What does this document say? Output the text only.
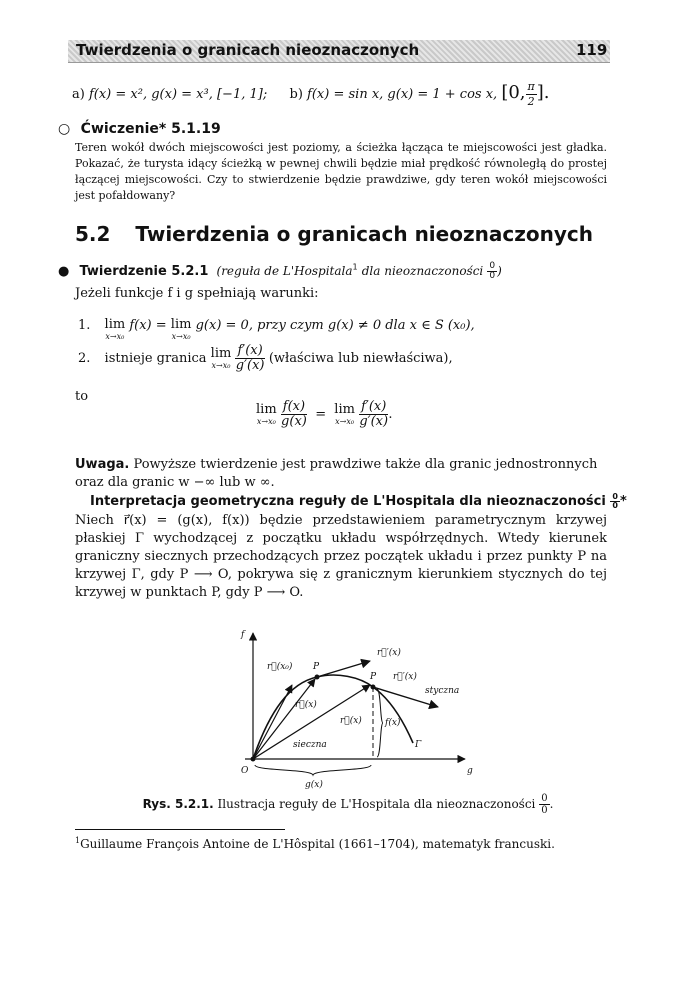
Twierdzenia o granicach nieoznaczonych	119
a) f(x) = x², g(x) = x³, [−1, 1]; b) f(x) = sin x, g(x) = 1 + cos x, [0, $\frac{\pi}{2}$ ].
○ Ćwiczenie* 5.1.19
Teren wokół dwóch miejscowości jest poziomy, a ścieżka łącząca te miejscowości jest gładka. Pokazać, że turysta idący ścieżką w pewnej chwili będzie miał prędkość równoległą do prostej łączącej miejscowości. Czy to stwierdzenie będzie prawdziwe, gdy teren wokół miejscowości jest pofałdowany?
5.2 Twierdzenia o granicach nieoznaczonych
● Twierdzenie 5.2.1 (reguła de L'Hospitala$^1$ dla nieoznaczoności $\frac{0}{0}$ )
Jeżeli funkcje f i g spełniają warunki:
1. lim
x→x₀
f(x) = lim
x→x₀
g(x) = 0, przy czym g(x) ≠ 0 dla x ∈ S (x₀),
2. istnieje granica lim
x→x₀
$\frac{f'(x)}{g'(x)}$ (właściwa lub niewłaściwa),
to
lim
x→x₀
$\frac{f(x)}{g(x)} = \lim$
x→x₀
$\frac{f'(x)}{g'(x)}$ .
Uwaga. Powyższe twierdzenie jest prawdziwe także dla granic jednostronnych oraz dla granic w −∞ lub w ∞.
Interpretacja geometryczna reguły de L'Hospitala dla nieoznaczoności $\frac{0}{0}$ *
Niech r⃗(x) = (g(x), f(x)) będzie przedstawieniem parametrycznym krzywej płaskiej Γ wychodzącej z początku układu współrzędnych. Wtedy kierunek graniczny siecznych przechodzących przez początek układu i przez punkty P na krzywej Γ, gdy P ⟶ O, pokrywa się z granicznym kierunkiem stycznych do tej krzywej w punktach P, gdy P ⟶ O.
f
g
O
r⃗(x₀) P
P
r⃗′(x)
r⃗′(x)
styczna
r⃗(x)
r⃗(x)	f(x)
sieczna	Γ
g(x)
Rys. 5.2.1. Ilustracja reguły de L'Hospitala dla nieoznaczoności $\frac{0}{0}$ .
$^1$Guillaume François Antoine de L'Hôspital (1661–1704), matematyk francuski.
